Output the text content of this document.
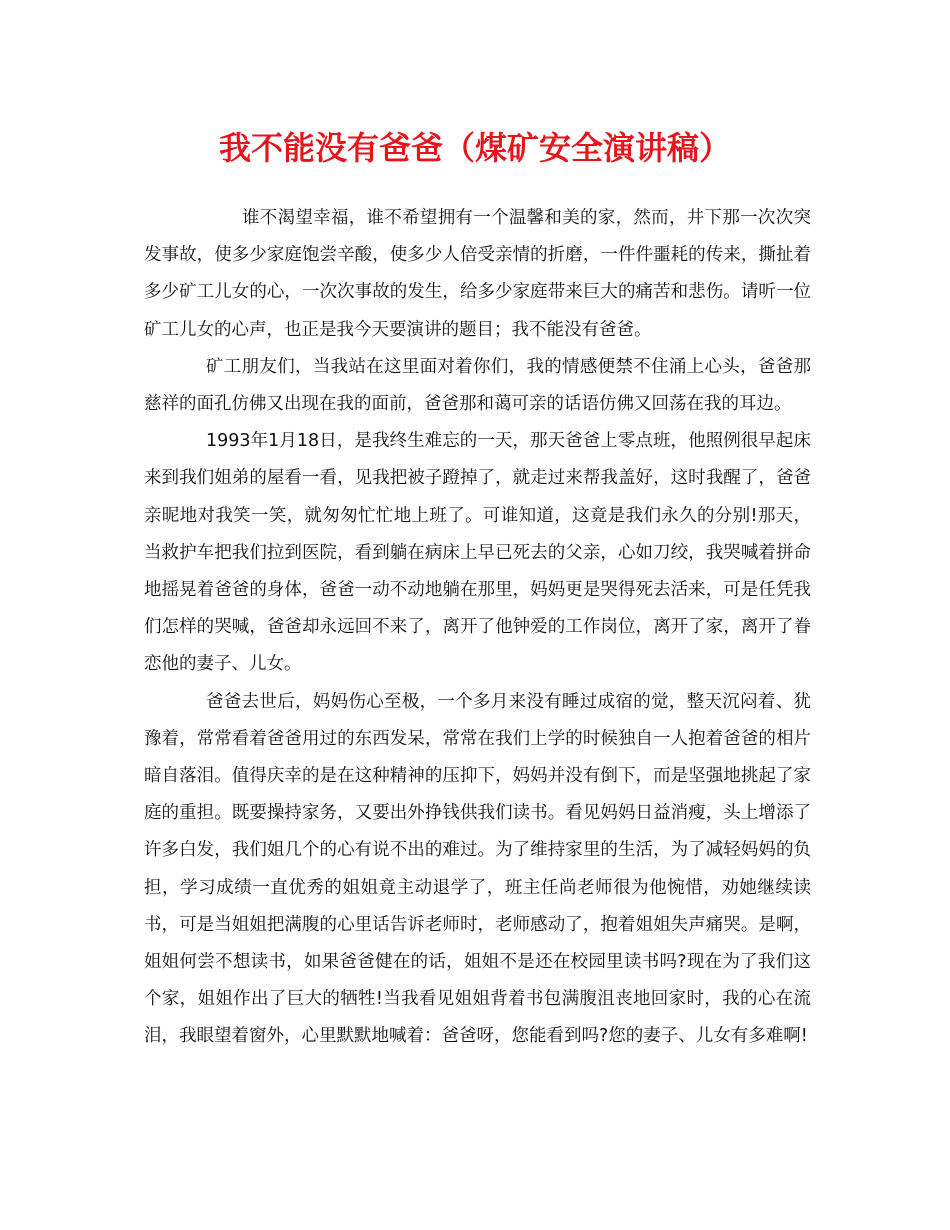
我不能没有爸爸（煤矿安全演讲稿）

谁不渴望幸福，谁不希望拥有一个温馨和美的家，然而，井下那一次次突发事故，使多少家庭饱尝辛酸，使多少人倍受亲情的折磨，一件件噩耗的传来，撕扯着多少矿工儿女的心，一次次事故的发生，给多少家庭带来巨大的痛苦和悲伤。请听一位矿工儿女的心声，也正是我今天要演讲的题目；我不能没有爸爸。

矿工朋友们，当我站在这里面对着你们，我的情感便禁不住涌上心头，爸爸那慈祥的面孔仿佛又出现在我的面前，爸爸那和蔼可亲的话语仿佛又回荡在我的耳边。

1993年1月18日，是我终生难忘的一天，那天爸爸上零点班，他照例很早起床来到我们姐弟的屋看一看，见我把被子蹬掉了，就走过来帮我盖好，这时我醒了，爸爸亲昵地对我笑一笑，就匆匆忙忙地上班了。可谁知道，这竟是我们永久的分别!那天，当救护车把我们拉到医院，看到躺在病床上早已死去的父亲，心如刀绞，我哭喊着拼命地摇晃着爸爸的身体，爸爸一动不动地躺在那里，妈妈更是哭得死去活来，可是任凭我们怎样的哭喊，爸爸却永远回不来了，离开了他钟爱的工作岗位，离开了家，离开了眷恋他的妻子、儿女。

爸爸去世后，妈妈伤心至极，一个多月来没有睡过成宿的觉，整天沉闷着、犹豫着，常常看着爸爸用过的东西发呆，常常在我们上学的时候独自一人抱着爸爸的相片暗自落泪。值得庆幸的是在这种精神的压抑下，妈妈并没有倒下，而是坚强地挑起了家庭的重担。既要操持家务，又要出外挣钱供我们读书。看见妈妈日益消瘦，头上增添了许多白发，我们姐几个的心有说不出的难过。为了维持家里的生活，为了减轻妈妈的负担，学习成绩一直优秀的姐姐竟主动退学了，班主任尚老师很为他惋惜，劝她继续读书，可是当姐姐把满腹的心里话告诉老师时，老师感动了，抱着姐姐失声痛哭。是啊，姐姐何尝不想读书，如果爸爸健在的话，姐姐不是还在校园里读书吗?现在为了我们这个家，姐姐作出了巨大的牺牲!当我看见姐姐背着书包满腹沮丧地回家时，我的心在流泪，我眼望着窗外，心里默默地喊着：爸爸呀，您能看到吗?您的妻子、儿女有多难啊!
